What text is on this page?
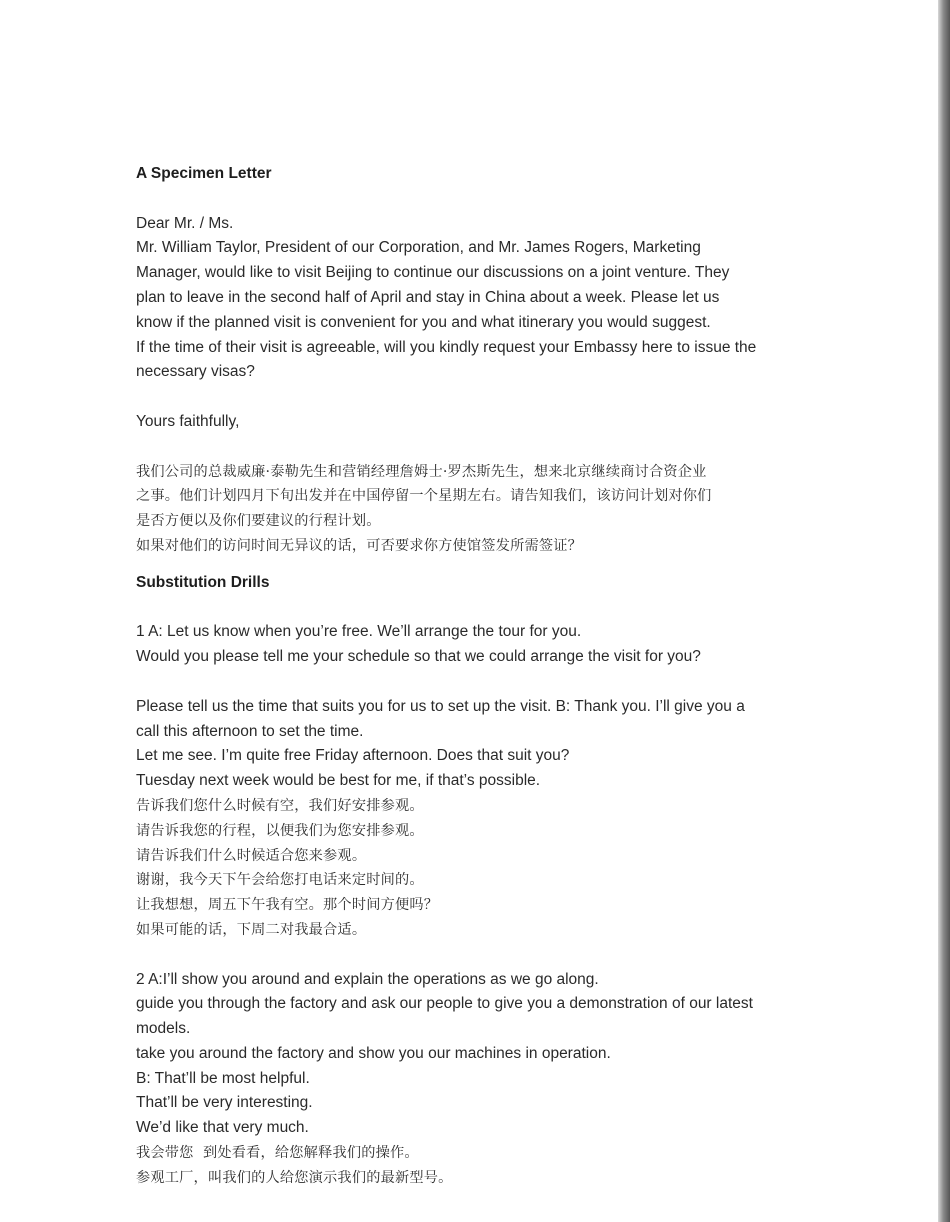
A Specimen Letter

Dear Mr. / Ms.

Mr. William Taylor, President of our Corporation, and Mr. James Rogers, Marketing
Manager, would like to visit Beijing to continue our discussions on a joint venture. They
plan to leave in the second half of April and stay in China about a week. Please let us
know if the planned visit is convenient for you and what itinerary you would suggest.
If the time of their visit is agreeable, will you kindly request your Embassy here to issue the
necessary visas?

Yours faithfully,

我们公司的总裁威廉·泰勒先生和营销经理詹姆士·罗杰斯先生，想来北京继续商讨合资企业
之事。他们计划四月下旬出发并在中国停留一个星期左右。请告知我们，该访问计划对你们
是否方便以及你们要建议的行程计划。
如果对他们的访问时间无异议的话，可否要求你方使馆签发所需签证？

Substitution Drills

1 A: Let us know when you’re free. We’ll arrange the tour for you.
Would you please tell me your schedule so that we could arrange the visit for you?
Please tell us the time that suits you for us to set up the visit. B: Thank you. I’ll give you a
call this afternoon to set the time.
Let me see. I’m quite free Friday afternoon. Does that suit you?
Tuesday next week would be best for me, if that’s possible.
告诉我们您什么时候有空，我们好安排参观。
请告诉我您的行程，以便我们为您安排参观。
请告诉我们什么时候适合您来参观。
谢谢，我今天下午会给您打电话来定时间的。
让我想想，周五下午我有空。那个时间方便吗？
如果可能的话，下周二对我最合适。
2 A:I’ll show you around and explain the operations as we go along.
guide you through the factory and ask our people to give you a demonstration of our latest
models.
take you around the factory and show you our machines in operation.
B: That’ll be most helpful.
That’ll be very interesting.
We’d like that very much.
我会带您  到处看看，给您解释我们的操作。
参观工厂，叫我们的人给您演示我们的最新型号。
